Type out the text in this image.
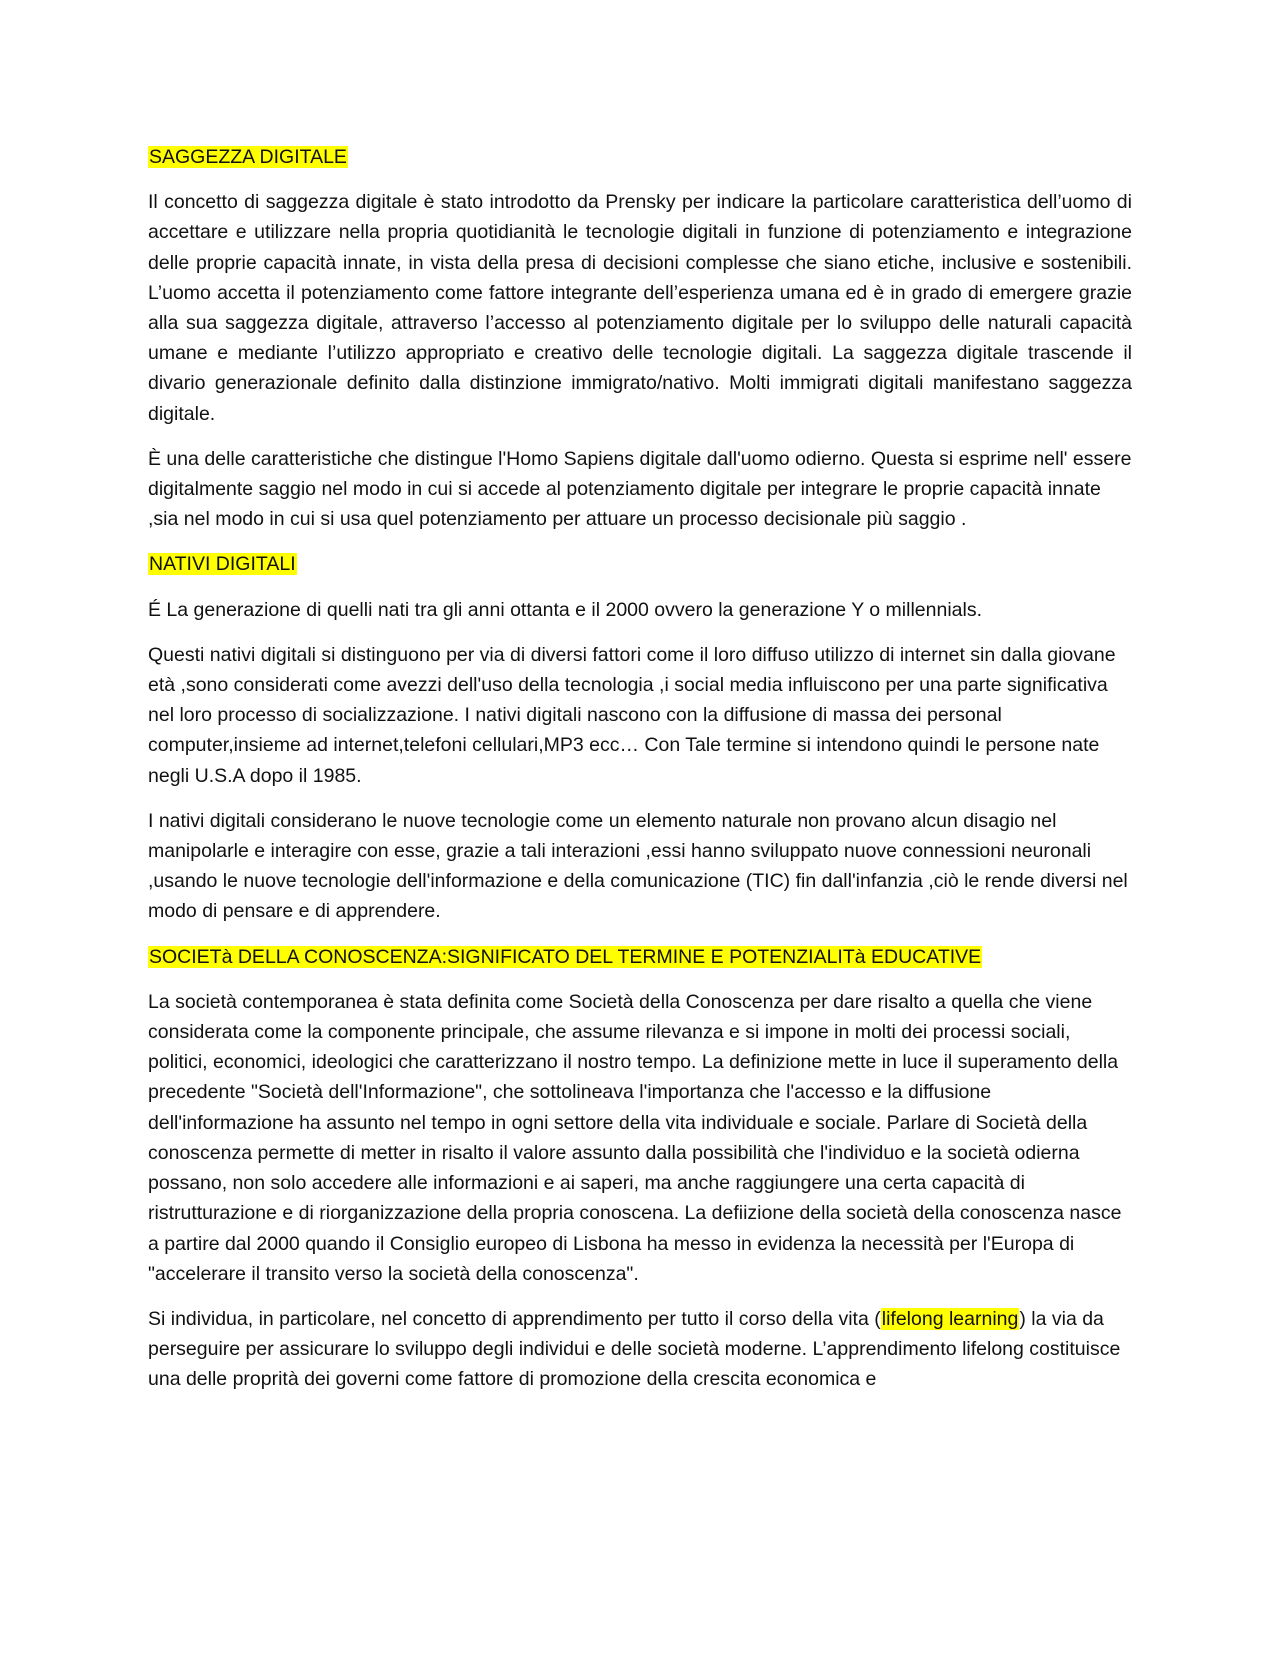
SAGGEZZA DIGITALE

Il concetto di saggezza digitale è stato introdotto da Prensky per indicare la particolare caratteristica dell’uomo di accettare e utilizzare nella propria quotidianità le tecnologie digitali in funzione di potenziamento e integrazione delle proprie capacità innate, in vista della presa di decisioni complesse che siano etiche, inclusive e sostenibili. L’uomo accetta il potenziamento come fattore integrante dell’esperienza umana ed è in grado di emergere grazie alla sua saggezza digitale, attraverso l’accesso al potenziamento digitale per lo sviluppo delle naturali capacità umane e mediante l’utilizzo appropriato e creativo delle tecnologie digitali. La saggezza digitale trascende il divario generazionale definito dalla distinzione immigrato/nativo. Molti immigrati digitali manifestano saggezza digitale.

È una delle caratteristiche che distingue l'Homo Sapiens digitale dall'uomo odierno. Questa si esprime nell' essere digitalmente saggio nel modo in cui si accede al potenziamento digitale per integrare le proprie capacità innate ,sia nel modo in cui si usa quel potenziamento per attuare un processo decisionale più saggio .

NATIVI DIGITALI

É La generazione di quelli nati tra gli anni ottanta e il 2000 ovvero la generazione Y o millennials.

Questi nativi digitali si distinguono per via di diversi fattori come il loro diffuso utilizzo di internet sin dalla giovane età ,sono considerati come avezzi dell'uso della tecnologia ,i social media influiscono per una parte significativa nel loro processo di socializzazione. I nativi digitali nascono con la diffusione di massa dei personal computer,insieme ad internet,telefoni cellulari,MP3 ecc… Con Tale termine si intendono quindi le persone nate negli U.S.A dopo il 1985.

I nativi digitali considerano le nuove tecnologie come un elemento naturale non provano alcun disagio nel manipolarle e interagire con esse, grazie a tali interazioni ,essi hanno sviluppato nuove connessioni neuronali ,usando le nuove tecnologie dell'informazione e della comunicazione (TIC) fin dall'infanzia ,ciò le rende diversi nel modo di pensare e di apprendere.

SOCIETà DELLA CONOSCENZA:SIGNIFICATO DEL TERMINE E POTENZIALITà EDUCATIVE

La società contemporanea è stata definita come Società della Conoscenza per dare risalto a quella che viene considerata come la componente principale, che assume rilevanza e si impone in molti dei processi sociali, politici, economici, ideologici che caratterizzano il nostro tempo. La definizione mette in luce il superamento della precedente "Società dell'Informazione", che sottolineava l'importanza che l'accesso e la diffusione dell'informazione ha assunto nel tempo in ogni settore della vita individuale e sociale. Parlare di Società della conoscenza permette di metter in risalto il valore assunto dalla possibilità che l'individuo e la società odierna possano, non solo accedere alle informazioni e ai saperi, ma anche raggiungere una certa capacità di ristrutturazione e di riorganizzazione della propria conoscena. La defiizione della società della conoscenza nasce a partire dal 2000 quando il Consiglio europeo di Lisbona ha messo in evidenza la necessità per l'Europa di "accelerare il transito verso la società della conoscenza".

Si individua, in particolare, nel concetto di apprendimento per tutto il corso della vita (lifelong learning) la via da perseguire per assicurare lo sviluppo degli individui e delle società moderne. L’apprendimento lifelong costituisce una delle proprità dei governi come fattore di promozione della crescita economica e
